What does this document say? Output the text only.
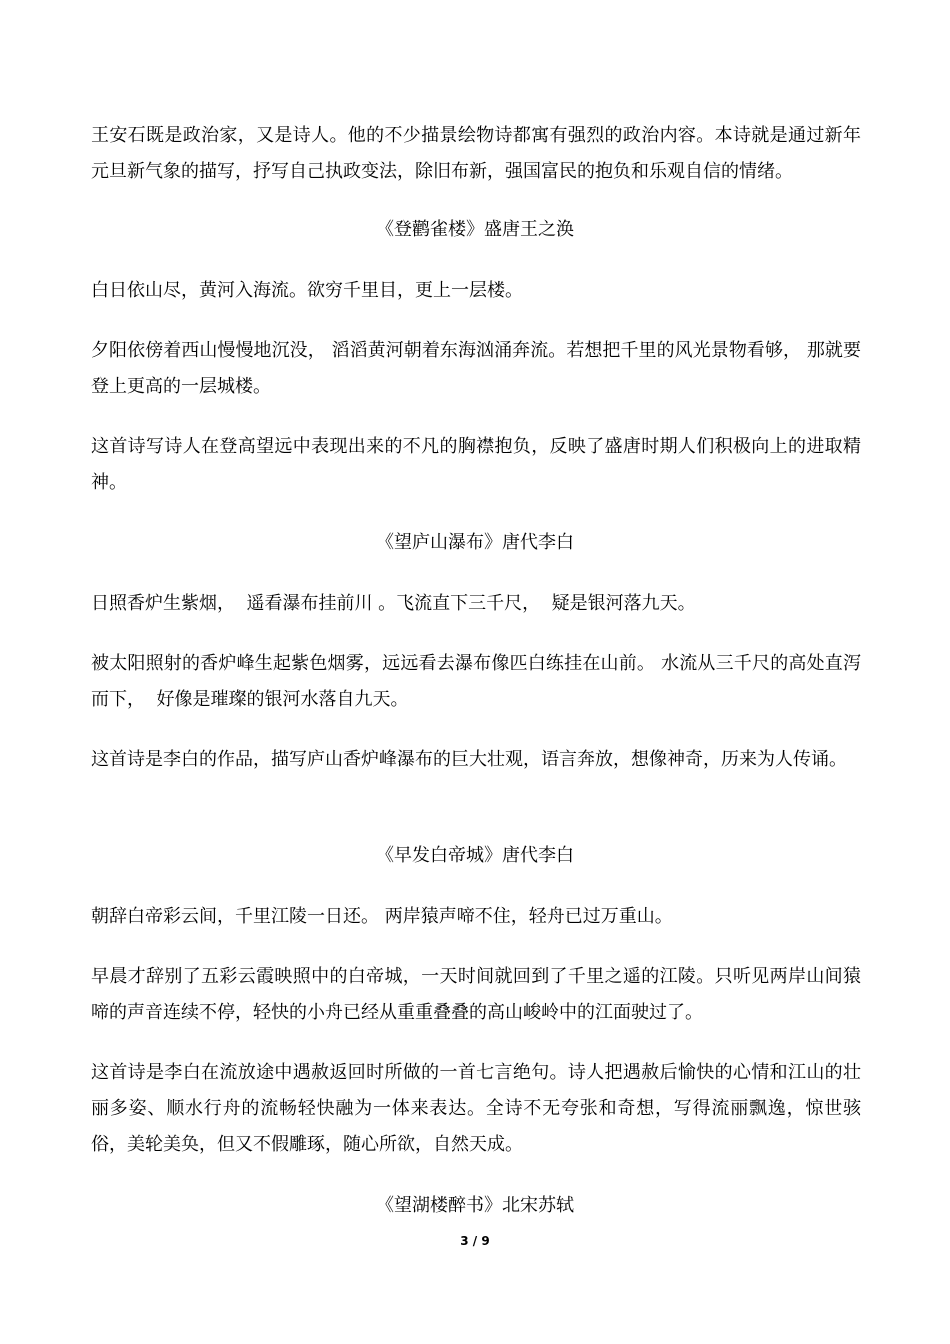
王安石既是政治家，又是诗人。他的不少描景绘物诗都寓有强烈的政治内容。本诗就是通过新年元旦新气象的描写，抒写自己执政变法，除旧布新，强国富民的抱负和乐观自信的情绪。

《登鹳雀楼》盛唐王之涣

白日依山尽，黄河入海流。欲穷千里目，更上一层楼。

夕阳依傍着西山慢慢地沉没， 滔滔黄河朝着东海汹涌奔流。若想把千里的风光景物看够， 那就要登上更高的一层城楼。

这首诗写诗人在登高望远中表现出来的不凡的胸襟抱负，反映了盛唐时期人们积极向上的进取精神。

《望庐山瀑布》唐代李白

日照香炉生紫烟，  遥看瀑布挂前川 。飞流直下三千尺，  疑是银河落九天。

被太阳照射的香炉峰生起紫色烟雾，远远看去瀑布像匹白练挂在山前。 水流从三千尺的高处直泻而下，  好像是璀璨的银河水落自九天。

这首诗是李白的作品，描写庐山香炉峰瀑布的巨大壮观，语言奔放，想像神奇，历来为人传诵。

《早发白帝城》唐代李白

朝辞白帝彩云间，千里江陵一日还。 两岸猿声啼不住，轻舟已过万重山。

早晨才辞别了五彩云霞映照中的白帝城，一天时间就回到了千里之遥的江陵。只听见两岸山间猿啼的声音连续不停，轻快的小舟已经从重重叠叠的高山峻岭中的江面驶过了。

这首诗是李白在流放途中遇赦返回时所做的一首七言绝句。诗人把遇赦后愉快的心情和江山的壮丽多姿、顺水行舟的流畅轻快融为一体来表达。全诗不无夸张和奇想，写得流丽飘逸，惊世骇俗，美轮美奂，但又不假雕琢，随心所欲，自然天成。

《望湖楼醉书》北宋苏轼

3 / 9
